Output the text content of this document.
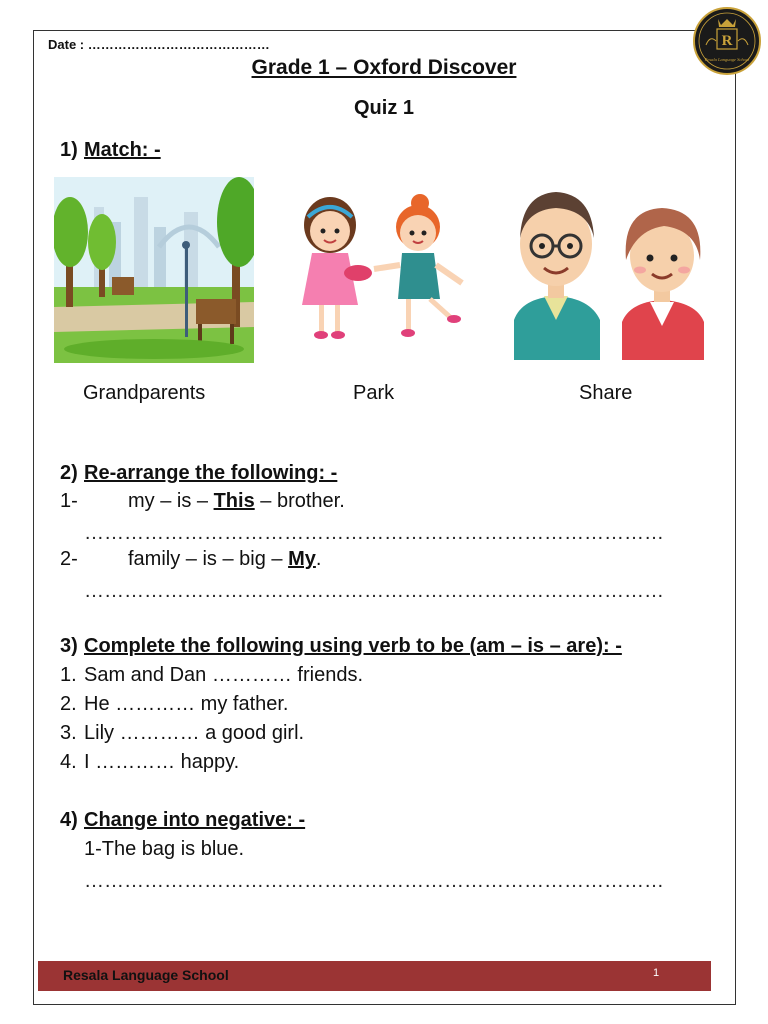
Date : ……………………………………	R
Resala Language School
Grade 1 – Oxford Discover
Quiz 1
1) Match: -
Grandparents	Park	Share
2) Re-arrange the following: -
1-	my – is – This – brother.
……………………………………………………………………………
2-	family – is – big – My.
……………………………………………………………………………
3) Complete the following using verb to be (am – is – are): -
1. Sam and Dan ………… friends.
2. He ………… my father.
3. Lily ………… a good girl.
4. I ………… happy.
4) Change into negative: -
1-The bag is blue.
……………………………………………………………………………
Resala Language School	1
